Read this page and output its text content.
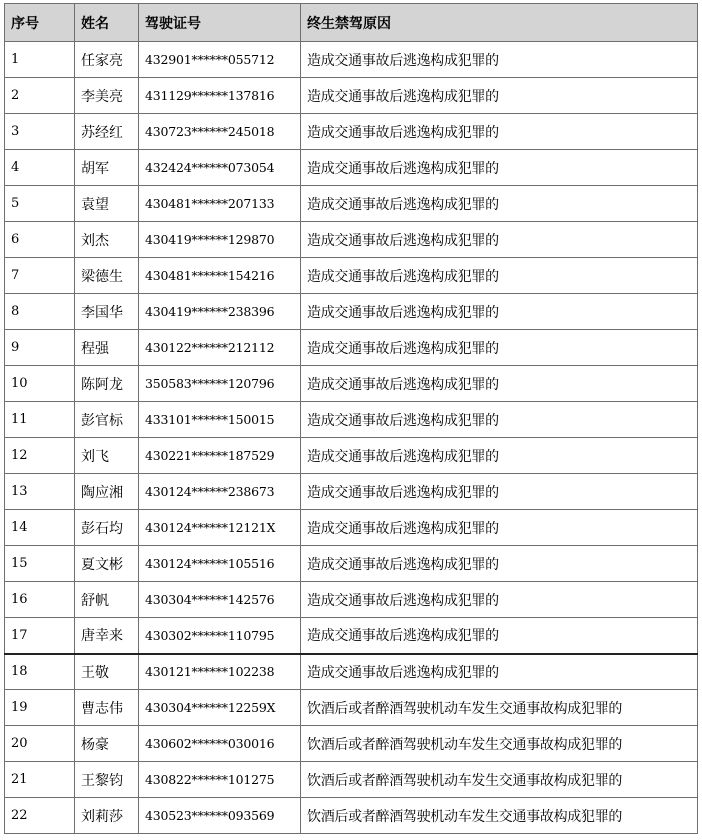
序号	姓名	驾驶证号	终生禁驾原因
1	任家亮	432901******055712	造成交通事故后逃逸构成犯罪的
2	李美亮	431129******137816	造成交通事故后逃逸构成犯罪的
3	苏经红	430723******245018	造成交通事故后逃逸构成犯罪的
4	胡军	432424******073054	造成交通事故后逃逸构成犯罪的
5	袁望	430481******207133	造成交通事故后逃逸构成犯罪的
6	刘杰	430419******129870	造成交通事故后逃逸构成犯罪的
7	梁德生	430481******154216	造成交通事故后逃逸构成犯罪的
8	李国华	430419******238396	造成交通事故后逃逸构成犯罪的
9	程强	430122******212112	造成交通事故后逃逸构成犯罪的
10	陈阿龙	350583******120796	造成交通事故后逃逸构成犯罪的
11	彭官标	433101******150015	造成交通事故后逃逸构成犯罪的
12	刘飞	430221******187529	造成交通事故后逃逸构成犯罪的
13	陶应湘	430124******238673	造成交通事故后逃逸构成犯罪的
14	彭石均	430124******12121X	造成交通事故后逃逸构成犯罪的
15	夏文彬	430124******105516	造成交通事故后逃逸构成犯罪的
16	舒帆	430304******142576	造成交通事故后逃逸构成犯罪的
17	唐幸来	430302******110795	造成交通事故后逃逸构成犯罪的
18	王敬	430121******102238	造成交通事故后逃逸构成犯罪的
19	曹志伟	430304******12259X	饮酒后或者醉酒驾驶机动车发生交通事故构成犯罪的
20	杨豪	430602******030016	饮酒后或者醉酒驾驶机动车发生交通事故构成犯罪的
21	王黎钧	430822******101275	饮酒后或者醉酒驾驶机动车发生交通事故构成犯罪的
22	刘莉莎	430523******093569	饮酒后或者醉酒驾驶机动车发生交通事故构成犯罪的
